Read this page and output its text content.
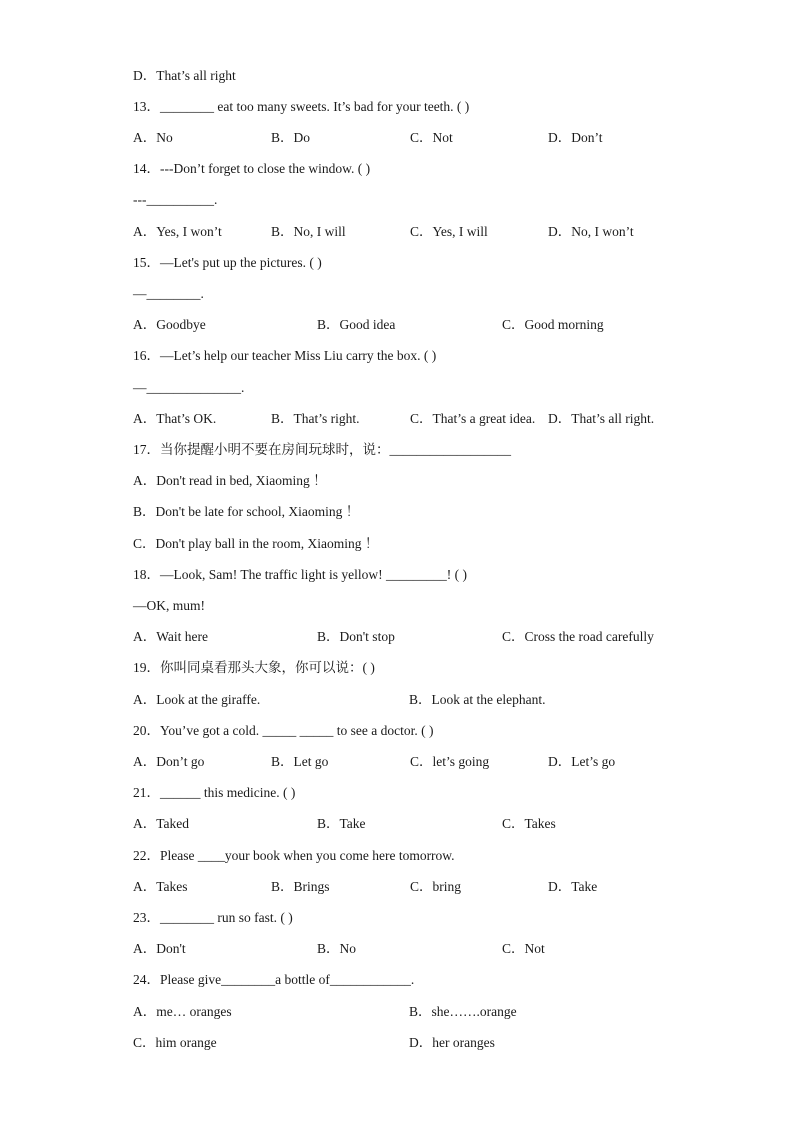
D．That’s all right
13．________ eat too many sweets. It’s bad for your teeth. ( )
A．No	B．Do	C．Not	D．Don’t
14．---Don’t forget to close the window. ( )
---__________.
A．Yes, I won’t	B．No, I will	C．Yes, I will	D．No, I won’t
15．—Let's put up the pictures. ( )
—________.
A．Goodbye	B．Good idea	C．Good morning
16．—Let’s help our teacher Miss Liu carry the box. ( )
—______________.
A．That’s OK.	B．That’s right.	C．That’s a great idea. D．That’s all right.
17．当你提醒小明不要在房间玩球时，说：__________________
A．Don't read in bed, Xiaoming ！
B．Don't be late for school, Xiaoming ！
C．Don't play ball in the room, Xiaoming ！
18．—Look, Sam! The traffic light is yellow! _________! ( )
—OK, mum!
A．Wait here	B．Don't stop	C．Cross the road carefully
19．你叫同桌看那头大象，你可以说：( )
A．Look at the giraffe.	B．Look at the elephant.
20．You’ve got a cold. _____ _____ to see a doctor. ( )
A．Don’t go	B．Let go	C．let’s going	D．Let’s go
21．______ this medicine. ( )
A．Taked	B．Take	C．Takes
22．Please ____your book when you come here tomorrow.
A．Takes	B．Brings	C．bring	D．Take
23．________ run so fast. ( )
A．Don't	B．No	C．Not
24．Please give________a bottle of____________.
A．me… oranges	B．she…….orange
C．him orange	D．her oranges
